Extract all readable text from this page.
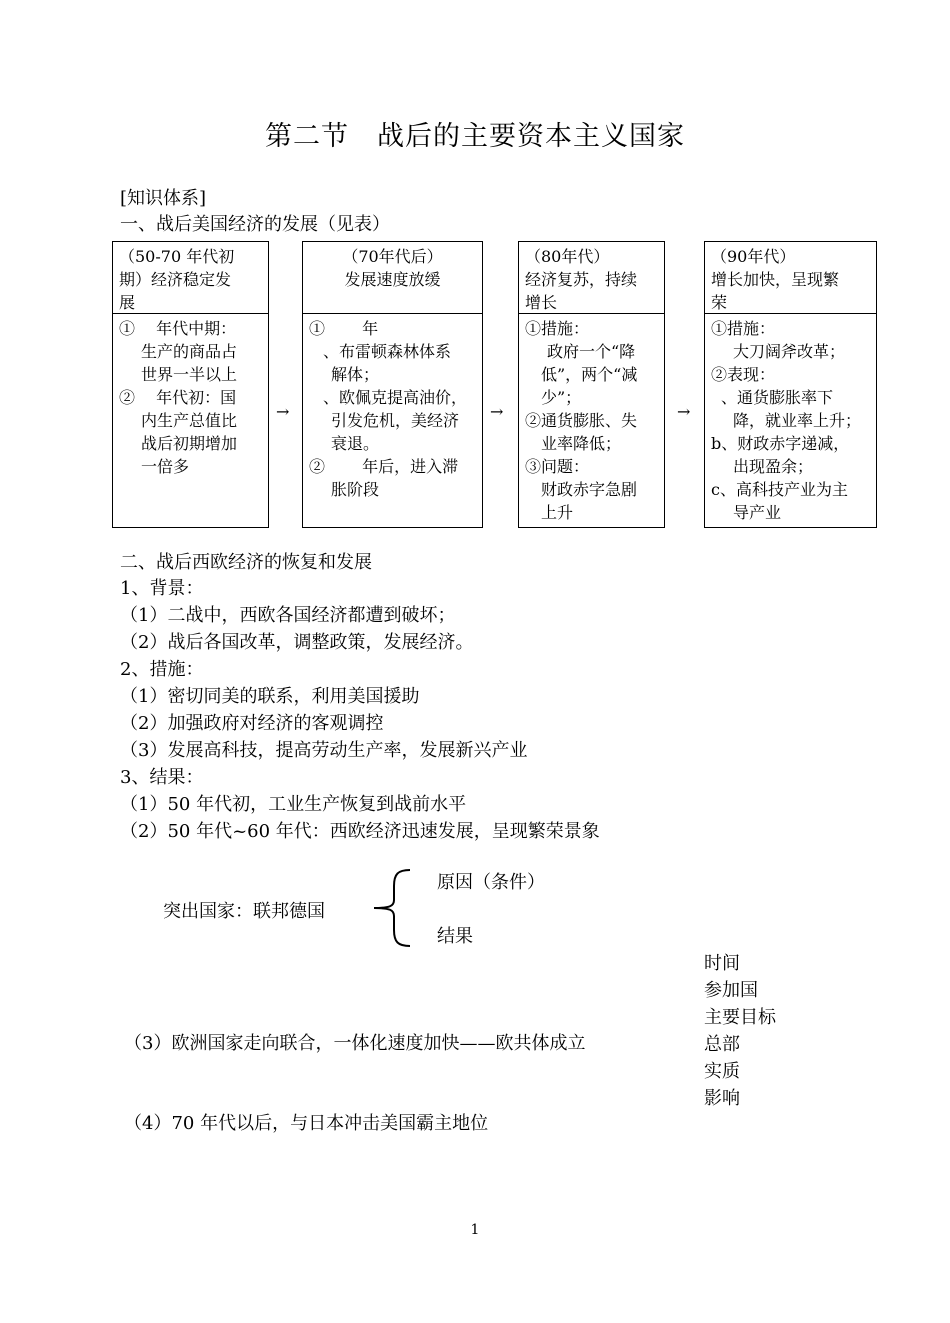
第二节　战后的主要资本主义国家
[知识体系]
一、战后美国经济的发展（见表）
（50-70 年代初
期）经济稳定发
展
①　 年代中期：
生产的商品占
世界一半以上
②　 年代初：国
内生产总值比
战后初期增加
一倍多
→
（70年代后）
发展速度放缓
①　　 年
、布雷顿森林体系
解体；
、欧佩克提高油价，
引发危机，美经济
衰退。
②　　 年后，进入滞
胀阶段
→
（80年代）
经济复苏，持续
增长
①措施：
政府一个“降
低”，两个“减
少”；
②通货膨胀、失
业率降低；
③问题：
财政赤字急剧
上升
→
（90年代）
增长加快，呈现繁
荣
①措施：
大刀阔斧改革；
②表现：
、通货膨胀率下
降，就业率上升；
b、财政赤字递减，
出现盈余；
c、高科技产业为主
导产业
二、战后西欧经济的恢复和发展
1、背景：
（1）二战中，西欧各国经济都遭到破坏；
（2）战后各国改革，调整政策，发展经济。
2、措施：
（1）密切同美的联系，利用美国援助
（2）加强政府对经济的客观调控
（3）发展高科技，提高劳动生产率，发展新兴产业
3、结果：
（1）50 年代初，工业生产恢复到战前水平
（2）50 年代~60 年代：西欧经济迅速发展，呈现繁荣景象
突出国家：联邦德国
原因（条件）
结果
时间
参加国
主要目标
总部
实质
影响
（3）欧洲国家走向联合，一体化速度加快——欧共体成立
（4）70 年代以后，与日本冲击美国霸主地位
1
